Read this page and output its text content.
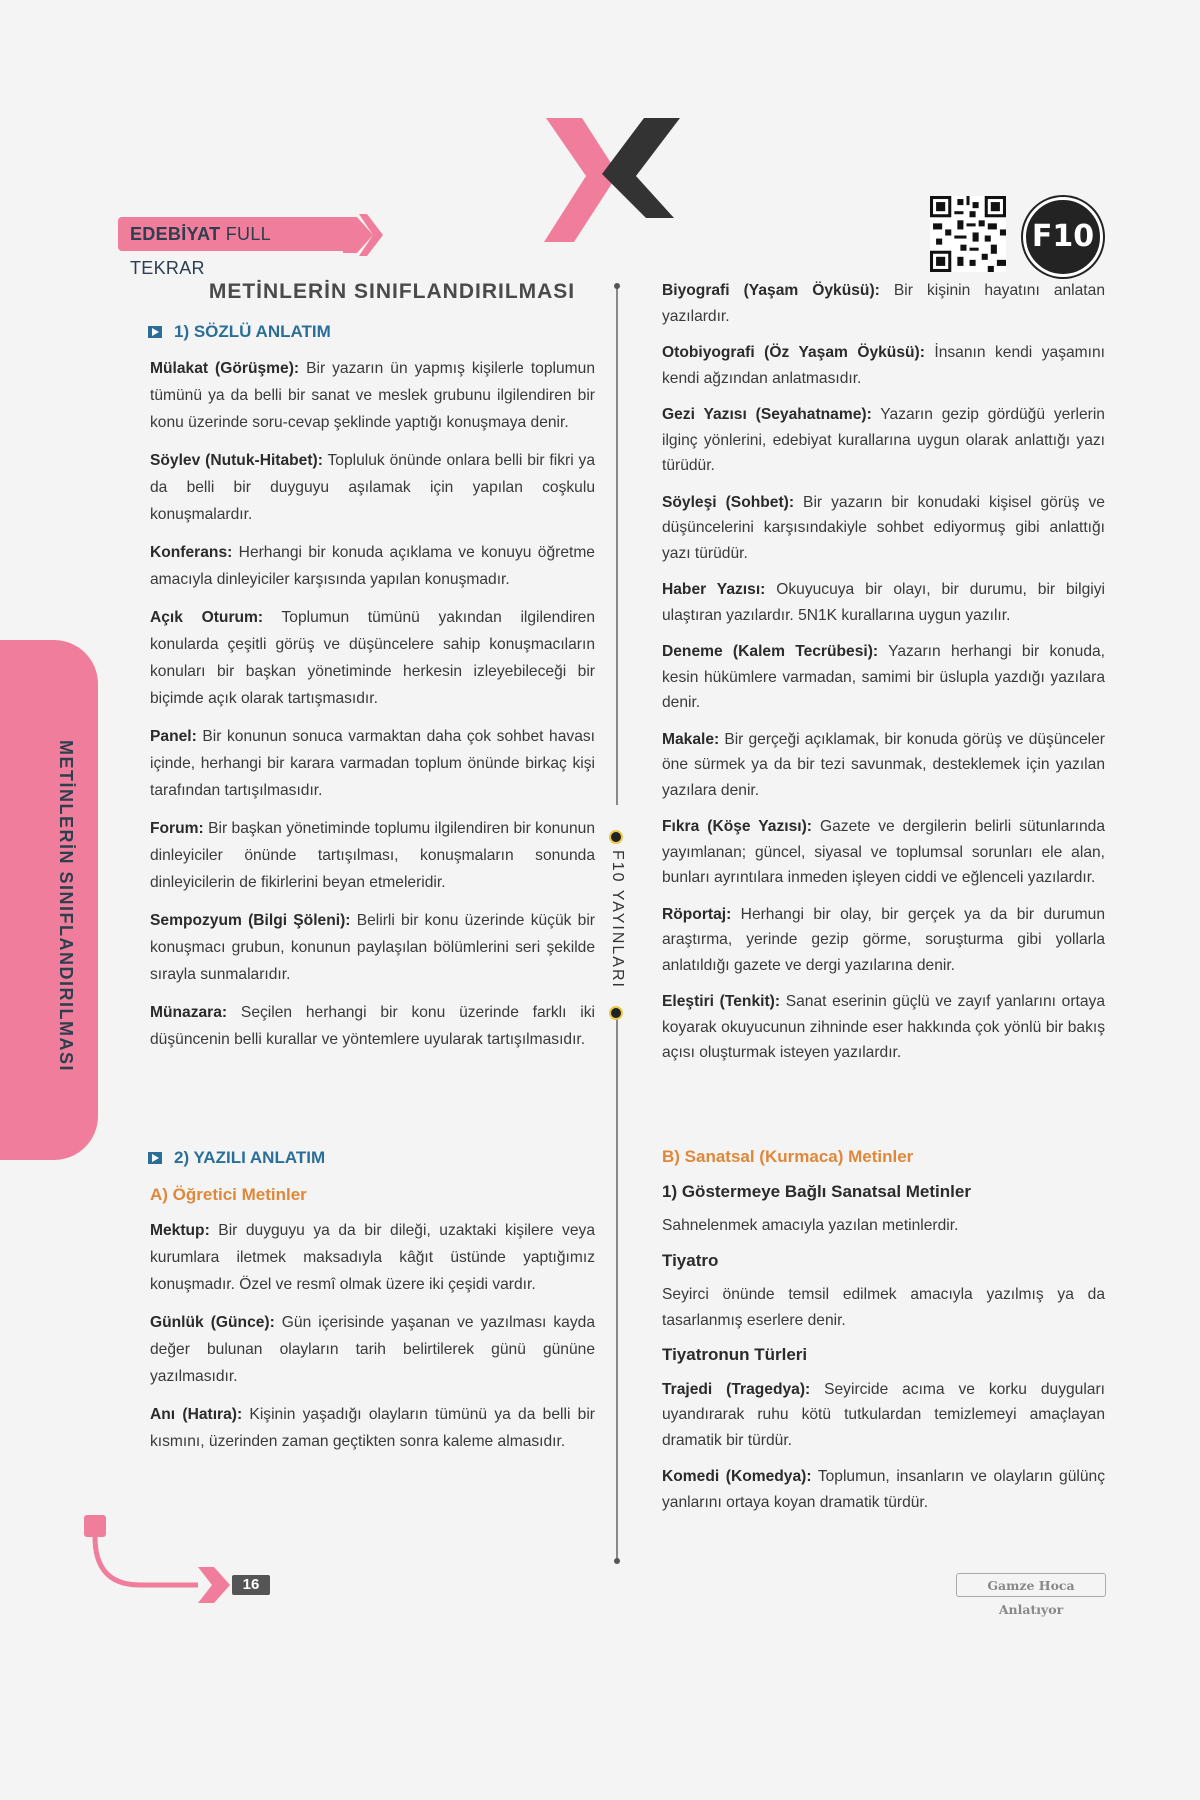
EDEBİYAT FULL TEKRAR
F10
METİNLERİN SINIFLANDIRILMASI
1) SÖZLÜ ANLATIM
Mülakat (Görüşme): Bir yazarın ün yapmış kişilerle toplumun tümünü ya da belli bir sanat ve meslek grubunu ilgilendiren bir konu üzerinde soru-cevap şeklinde yaptığı konuşmaya denir.
Söylev (Nutuk-Hitabet): Topluluk önünde onlara belli bir fikri ya da belli bir duyguyu aşılamak için yapılan coşkulu konuşmalardır.
Konferans: Herhangi bir konuda açıklama ve konuyu öğretme amacıyla dinleyiciler karşısında yapılan konuşmadır.
Açık Oturum: Toplumun tümünü yakından ilgilendiren konularda çeşitli görüş ve düşüncelere sahip konuşmacıların konuları bir başkan yönetiminde herkesin izleyebileceği bir biçimde açık olarak tartışmasıdır.
Panel: Bir konunun sonuca varmaktan daha çok sohbet havası içinde, herhangi bir karara varmadan toplum önünde birkaç kişi tarafından tartışılmasıdır.
Forum: Bir başkan yönetiminde toplumu ilgilendiren bir konunun dinleyiciler önünde tartışılması, konuşmaların sonunda dinleyicilerin de fikirlerini beyan etmeleridir.
Sempozyum (Bilgi Şöleni): Belirli bir konu üzerinde küçük bir konuşmacı grubun, konunun paylaşılan bölümlerini seri şekilde sırayla sunmalarıdır.
Münazara: Seçilen herhangi bir konu üzerinde farklı iki düşüncenin belli kurallar ve yöntemlere uyularak tartışılmasıdır.
Biyografi (Yaşam Öyküsü): Bir kişinin hayatını anlatan yazılardır.
Otobiyografi (Öz Yaşam Öyküsü): İnsanın kendi yaşamını kendi ağzından anlatmasıdır.
Gezi Yazısı (Seyahatname): Yazarın gezip gördüğü yerlerin ilginç yönlerini, edebiyat kurallarına uygun olarak anlattığı yazı türüdür.
Söyleşi (Sohbet): Bir yazarın bir konudaki kişisel görüş ve düşüncelerini karşısındakiyle sohbet ediyormuş gibi anlattığı yazı türüdür.
Haber Yazısı: Okuyucuya bir olayı, bir durumu, bir bilgiyi ulaştıran yazılardır. 5N1K kurallarına uygun yazılır.
Deneme (Kalem Tecrübesi): Yazarın herhangi bir konuda, kesin hükümlere varmadan, samimi bir üslupla yazdığı yazılara denir.
Makale: Bir gerçeği açıklamak, bir konuda görüş ve düşünceler öne sürmek ya da bir tezi savunmak, desteklemek için yazılan yazılara denir.
Fıkra (Köşe Yazısı): Gazete ve dergilerin belirli sütunlarında yayımlanan; güncel, siyasal ve toplumsal sorunları ele alan, bunları ayrıntılara inmeden işleyen ciddi ve eğlenceli yazılardır.
Röportaj: Herhangi bir olay, bir gerçek ya da bir durumun araştırma, yerinde gezip görme, soruşturma gibi yollarla anlatıldığı gazete ve dergi yazılarına denir.
Eleştiri (Tenkit): Sanat eserinin güçlü ve zayıf yanlarını ortaya koyarak okuyucunun zihninde eser hakkında çok yönlü bir bakış açısı oluşturmak isteyen yazılardır.
F10 YAYINLARI
METİNLERİN SINIFLANDIRILMASI
2) YAZILI ANLATIM
A) Öğretici Metinler
Mektup: Bir duyguyu ya da bir dileği, uzaktaki kişilere veya kurumlara iletmek maksadıyla kâğıt üstünde yaptığımız konuşmadır. Özel ve resmî olmak üzere iki çeşidi vardır.
Günlük (Günce): Gün içerisinde yaşanan ve yazılması kayda değer bulunan olayların tarih belirtilerek günü gününe yazılmasıdır.
Anı (Hatıra): Kişinin yaşadığı olayların tümünü ya da belli bir kısmını, üzerinden zaman geçtikten sonra kaleme almasıdır.
B) Sanatsal (Kurmaca) Metinler
1) Göstermeye Bağlı Sanatsal Metinler
Sahnelenmek amacıyla yazılan metinlerdir.
Tiyatro
Seyirci önünde temsil edilmek amacıyla yazılmış ya da tasarlanmış eserlere denir.
Tiyatronun Türleri
Trajedi (Tragedya): Seyircide acıma ve korku duyguları uyandırarak ruhu kötü tutkulardan temizlemeyi amaçlayan dramatik bir türdür.
Komedi (Komedya): Toplumun, insanların ve olayların gülünç yanlarını ortaya koyan dramatik türdür.
16	Gamze Hoca Anlatıyor
